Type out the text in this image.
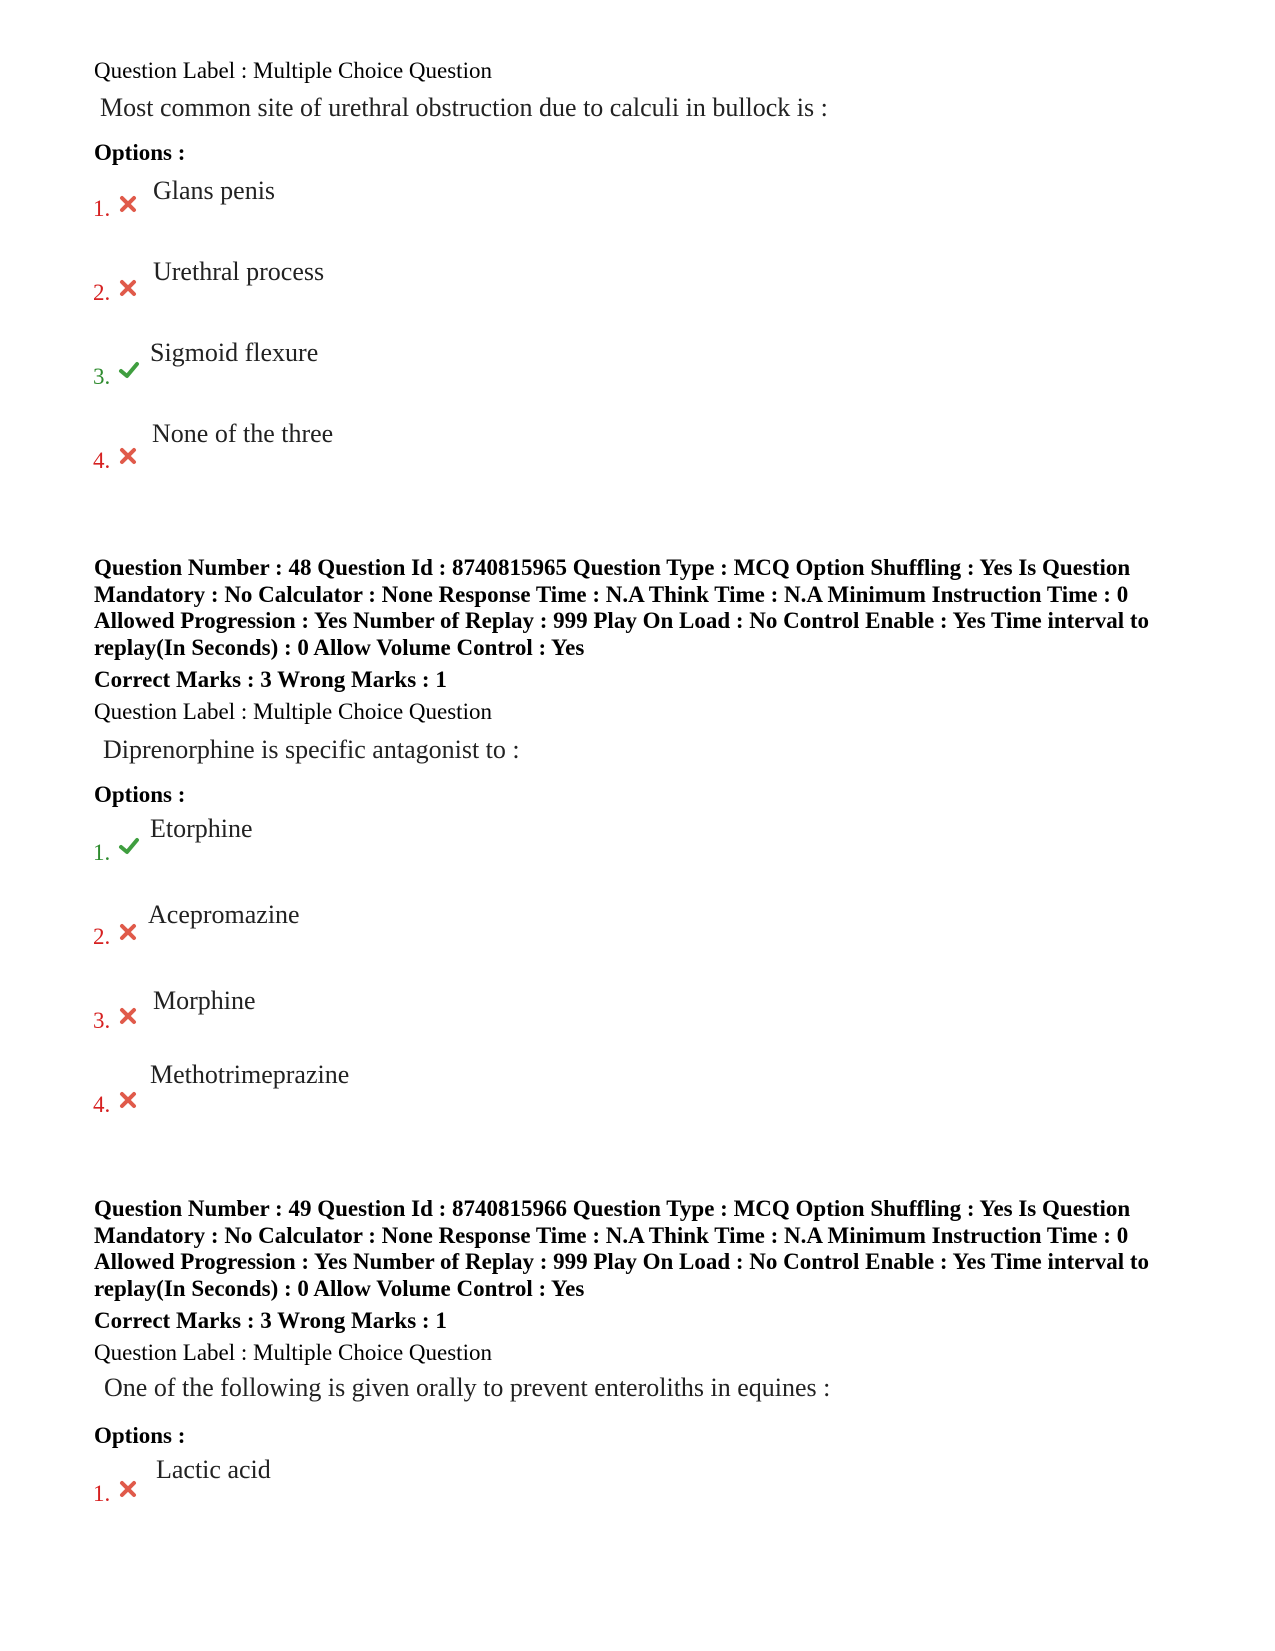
Question Label : Multiple Choice Question
Most common site of urethral obstruction due to calculi in bullock is :
Options :
1.
Glans penis
2.
Urethral process
3.
Sigmoid flexure
4.
None of the three
Question Number : 48 Question Id : 8740815965 Question Type : MCQ Option Shuffling : Yes Is Question Mandatory : No Calculator : None Response Time : N.A Think Time : N.A Minimum Instruction Time : 0 Allowed Progression : Yes Number of Replay : 999 Play On Load : No Control Enable : Yes Time interval to replay(In Seconds) : 0 Allow Volume Control : Yes
Correct Marks : 3 Wrong Marks : 1
Question Label : Multiple Choice Question
Diprenorphine is specific antagonist to :
Options :
1.
Etorphine
2.
Acepromazine
3.
Morphine
4.
Methotrimeprazine
Question Number : 49 Question Id : 8740815966 Question Type : MCQ Option Shuffling : Yes Is Question Mandatory : No Calculator : None Response Time : N.A Think Time : N.A Minimum Instruction Time : 0 Allowed Progression : Yes Number of Replay : 999 Play On Load : No Control Enable : Yes Time interval to replay(In Seconds) : 0 Allow Volume Control : Yes
Correct Marks : 3 Wrong Marks : 1
Question Label : Multiple Choice Question
One of the following is given orally to prevent enteroliths in equines :
Options :
1.
Lactic acid
